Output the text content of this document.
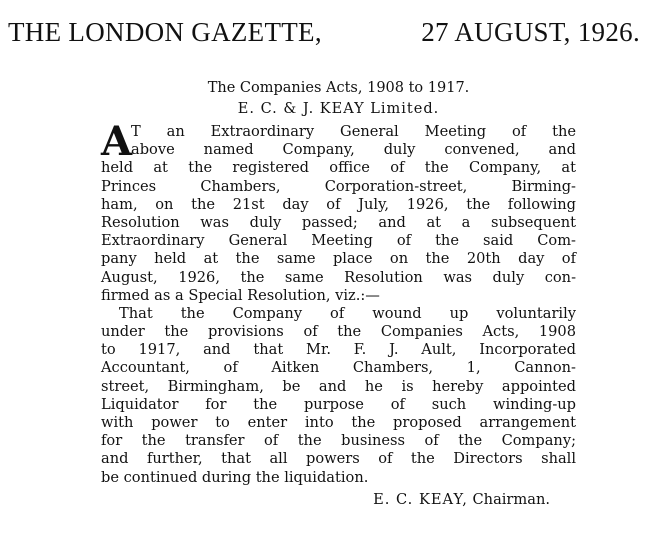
THE LONDON GAZETTE,	27 AUGUST, 1926.

The Companies Acts, 1908 to 1917.

E. C. & J. KEAY Limited.

A
T an Extraordinary General Meeting of the
above named Company, duly convened, and
held at the registered office of the Company, at
Princes Chambers, Corporation-street, Birming-
ham, on the 21st day of July, 1926, the following
Resolution was duly passed; and at a subsequent
Extraordinary General Meeting of the said Com-
pany held at the same place on the 20th day of
August, 1926, the same Resolution was duly con-
firmed as a Special Resolution, viz.:—
That the Company of wound up voluntarily
under the provisions of the Companies Acts, 1908
to 1917, and that Mr. F. J. Ault, Incorporated
Accountant, of Aitken Chambers, 1, Cannon-
street, Birmingham, be and he is hereby appointed
Liquidator for the purpose of such winding-up
with power to enter into the proposed arrangement
for the transfer of the business of the Company;
and further, that all powers of the Directors shall
be continued during the liquidation.
E. C. KEAY, Chairman.
